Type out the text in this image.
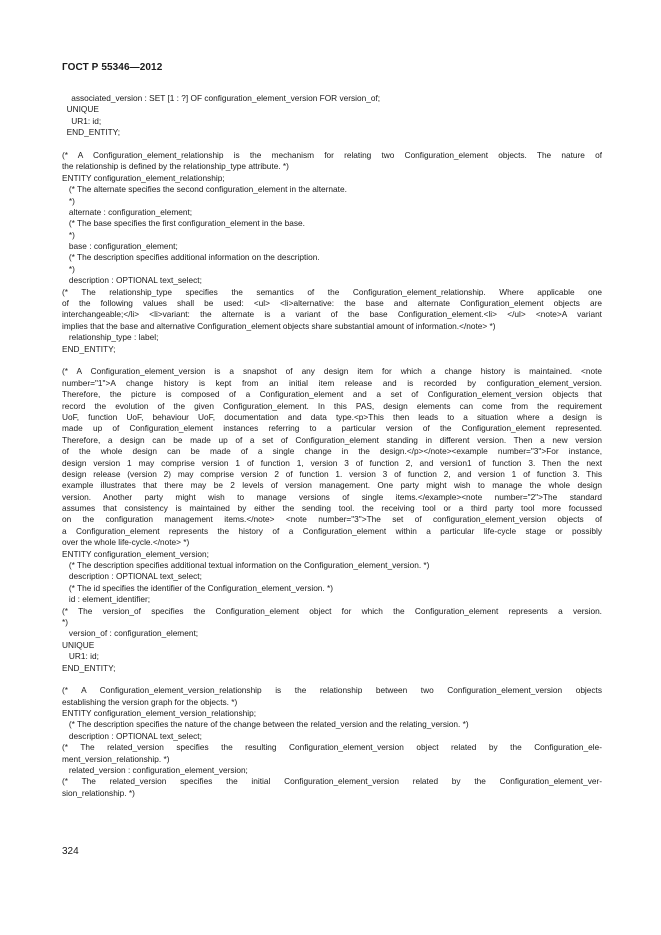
ГОСТ Р 55346—2012
associated_version : SET [1 : ?] OF configuration_element_version FOR version_of;
UNIQUE
UR1: id;
END_ENTITY;
(* A Configuration_element_relationship is the mechanism for relating two Configuration_element objects. The nature of
the relationship is defined by the relationship_type attribute. *)
ENTITY configuration_element_relationship;
(* The alternate specifies the second configuration_element in the alternate.
*)
alternate : configuration_element;
(* The base specifies the first configuration_element in the base.
*)
base : configuration_element;
(* The description specifies additional information on the description.
*)
description : OPTIONAL text_select;
(* The relationship_type specifies the semantics of the Configuration_element_relationship. Where applicable one
of the following values shall be used: <ul> <li>alternative: the base and alternate Configuration_element objects are
interchangeable;</li> <li>variant: the alternate is a variant of the base Configuration_element.<li> </ul> <note>A variant
implies that the base and alternative Configuration_element objects share substantial amount of information.</note> *)
relationship_type : label;
END_ENTITY;
(* A Configuration_element_version is a snapshot of any design item for which a change history is maintained. <note
number="1">A change history is kept from an initial item release and is recorded by configuration_element_version.
Therefore, the picture is composed of a Configuration_element and a set of Configuration_element_version objects that
record the evolution of the given Configuration_element. In this PAS, design elements can come from the requirement
UoF, function UoF, behaviour UoF, documentation and data type.<p>This then leads to a situation where a design is
made up of Configuration_element instances referring to a particular version of the Configuration_element represented.
Therefore, a design can be made up of a set of Configuration_element standing in different version. Then a new version
of the whole design can be made of a single change in the design.</p></note><example number="3">For instance,
design version 1 may comprise version 1 of function 1, version 3 of function 2, and version1 of function 3. Then the next
design release (version 2) may comprise version 2 of function 1. version 3 of function 2, and version 1 of function 3. This
example illustrates that there may be 2 levels of version management. One party might wish to manage the whole design
version. Another party might wish to manage versions of single items.</example><note number="2">The standard
assumes that consistency is maintained by either the sending tool. the receiving tool or a third party tool more focussed
on the configuration management items.</note> <note number="3">The set of configuration_element_version objects of
a Configuration_element represents the history of a Configuration_element within a particular life-cycle stage or possibly
over the whole life-cycle.</note> *)
ENTITY configuration_element_version;
(* The description specifies additional textual information on the Configuration_element_version. *)
description : OPTIONAL text_select;
(* The id specifies the identifier of the Configuration_element_version. *)
id : element_identifier;
(* The version_of specifies the Configuration_element object for which the Configuration_element represents a version.
*)
version_of : configuration_element;
UNIQUE
UR1: id;
END_ENTITY;
(* A Configuration_element_version_relationship is the relationship between two Configuration_element_version objects
establishing the version graph for the objects. *)
ENTITY configuration_element_version_relationship;
(* The description specifies the nature of the change between the related_version and the relating_version. *)
description : OPTIONAL text_select;
(* The related_version specifies the resulting Configuration_element_version object related by the Configuration_ele-
ment_version_relationship. *)
related_version : configuration_element_version;
(* The related_version specifies the initial Configuration_element_version related by the Configuration_element_ver-
sion_relationship. *)
324
